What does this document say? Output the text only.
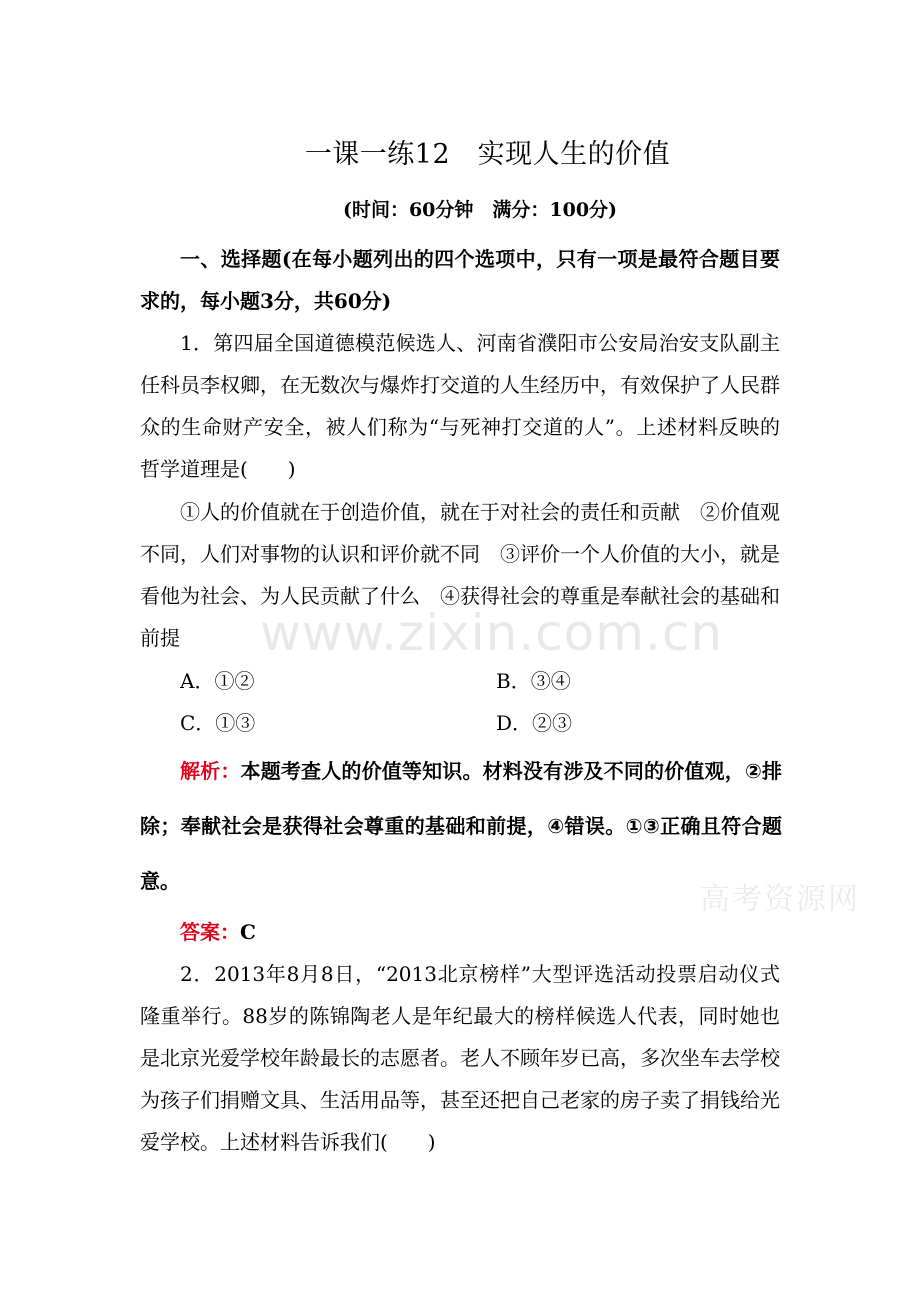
www.zixin.com.cn
高考资源网
一课一练12　实现人生的价值
(时间：60分钟　满分：100分)
一、选择题(在每小题列出的四个选项中，只有一项是最符合题目要求的，每小题3分，共60分)
1．第四届全国道德模范候选人、河南省濮阳市公安局治安支队副主任科员李权卿，在无数次与爆炸打交道的人生经历中，有效保护了人民群众的生命财产安全，被人们称为“与死神打交道的人”。上述材料反映的哲学道理是(　　)
①人的价值就在于创造价值，就在于对社会的责任和贡献　②价值观不同，人们对事物的认识和评价就不同　③评价一个人价值的大小，就是看他为社会、为人民贡献了什么　④获得社会的尊重是奉献社会的基础和前提
A．①②	B．③④
C．①③	D．②③
解析：本题考查人的价值等知识。材料没有涉及不同的价值观，②排除；奉献社会是获得社会尊重的基础和前提，④错误。①③正确且符合题意。
答案：C
2．2013年8月8日，“2013北京榜样”大型评选活动投票启动仪式隆重举行。88岁的陈锦陶老人是年纪最大的榜样候选人代表，同时她也是北京光爱学校年龄最长的志愿者。老人不顾年岁已高，多次坐车去学校为孩子们捐赠文具、生活用品等，甚至还把自己老家的房子卖了捐钱给光爱学校。上述材料告诉我们(　　)
